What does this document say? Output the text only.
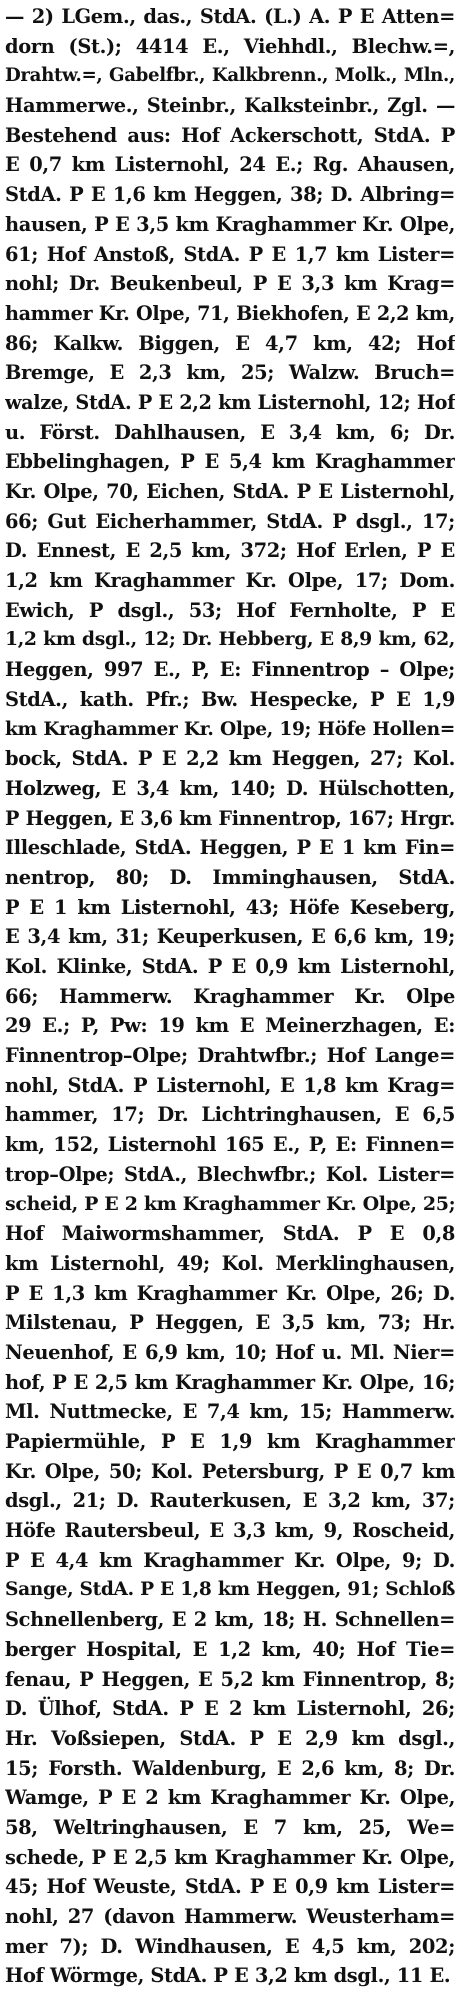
— 2) LGem., das., StdA. (L.) A. P E Atten=
dorn (St.); 4414 E., Viehhdl., Blechw.=,
Drahtw.=, Gabelfbr., Kalkbrenn., Molk., Mln.,
Hammerwe., Steinbr., Kalksteinbr., Zgl. —
Bestehend aus: Hof Ackerschott, StdA. P
E 0,7 km Listernohl, 24 E.; Rg. Ahausen,
StdA. P E 1,6 km Heggen, 38; D. Albring=
hausen, P E 3,5 km Kraghammer Kr. Olpe,
61; Hof Anstoß, StdA. P E 1,7 km Lister=
nohl; Dr. Beukenbeul, P E 3,3 km Krag=
hammer Kr. Olpe, 71, Biekhofen, E 2,2 km,
86; Kalkw. Biggen, E 4,7 km, 42; Hof
Bremge, E 2,3 km, 25; Walzw. Bruch=
walze, StdA. P E 2,2 km Listernohl, 12; Hof
u. Först. Dahlhausen, E 3,4 km, 6; Dr.
Ebbelinghagen, P E 5,4 km Kraghammer
Kr. Olpe, 70, Eichen, StdA. P E Listernohl,
66; Gut Eicherhammer, StdA. P dsgl., 17;
D. Ennest, E 2,5 km, 372; Hof Erlen, P E
1,2 km Kraghammer Kr. Olpe, 17; Dom.
Ewich, P dsgl., 53; Hof Fernholte, P E
1,2 km dsgl., 12; Dr. Hebberg, E 8,9 km, 62,
Heggen, 997 E., P, E: Finnentrop – Olpe;
StdA., kath. Pfr.; Bw. Hespecke, P E 1,9
km Kraghammer Kr. Olpe, 19; Höfe Hollen=
bock, StdA. P E 2,2 km Heggen, 27; Kol.
Holzweg, E 3,4 km, 140; D. Hülschotten,
P Heggen, E 3,6 km Finnentrop, 167; Hrgr.
Illeschlade, StdA. Heggen, P E 1 km Fin=
nentrop, 80; D. Imminghausen, StdA.
P E 1 km Listernohl, 43; Höfe Keseberg,
E 3,4 km, 31; Keuperkusen, E 6,6 km, 19;
Kol. Klinke, StdA. P E 0,9 km Listernohl,
66; Hammerw. Kraghammer Kr. Olpe
29 E.; P, Pw: 19 km E Meinerzhagen, E:
Finnentrop–Olpe; Drahtwfbr.; Hof Lange=
nohl, StdA. P Listernohl, E 1,8 km Krag=
hammer, 17; Dr. Lichtringhausen, E 6,5
km, 152, Listernohl 165 E., P, E: Finnen=
trop–Olpe; StdA., Blechwfbr.; Kol. Lister=
scheid, P E 2 km Kraghammer Kr. Olpe, 25;
Hof Maiwormshammer, StdA. P E 0,8
km Listernohl, 49; Kol. Merklinghausen,
P E 1,3 km Kraghammer Kr. Olpe, 26; D.
Milstenau, P Heggen, E 3,5 km, 73; Hr.
Neuenhof, E 6,9 km, 10; Hof u. Ml. Nier=
hof, P E 2,5 km Kraghammer Kr. Olpe, 16;
Ml. Nuttmecke, E 7,4 km, 15; Hammerw.
Papiermühle, P E 1,9 km Kraghammer
Kr. Olpe, 50; Kol. Petersburg, P E 0,7 km
dsgl., 21; D. Rauterkusen, E 3,2 km, 37;
Höfe Rautersbeul, E 3,3 km, 9, Roscheid,
P E 4,4 km Kraghammer Kr. Olpe, 9; D.
Sange, StdA. P E 1,8 km Heggen, 91; Schloß
Schnellenberg, E 2 km, 18; H. Schnellen=
berger Hospital, E 1,2 km, 40; Hof Tie=
fenau, P Heggen, E 5,2 km Finnentrop, 8;
D. Ülhof, StdA. P E 2 km Listernohl, 26;
Hr. Voßsiepen, StdA. P E 2,9 km dsgl.,
15; Forsth. Waldenburg, E 2,6 km, 8; Dr.
Wamge, P E 2 km Kraghammer Kr. Olpe,
58, Weltringhausen, E 7 km, 25, We=
schede, P E 2,5 km Kraghammer Kr. Olpe,
45; Hof Weuste, StdA. P E 0,9 km Lister=
nohl, 27 (davon Hammerw. Weusterham=
mer 7); D. Windhausen, E 4,5 km, 202;
Hof Wörmge, StdA. P E 3,2 km dsgl., 11 E.
